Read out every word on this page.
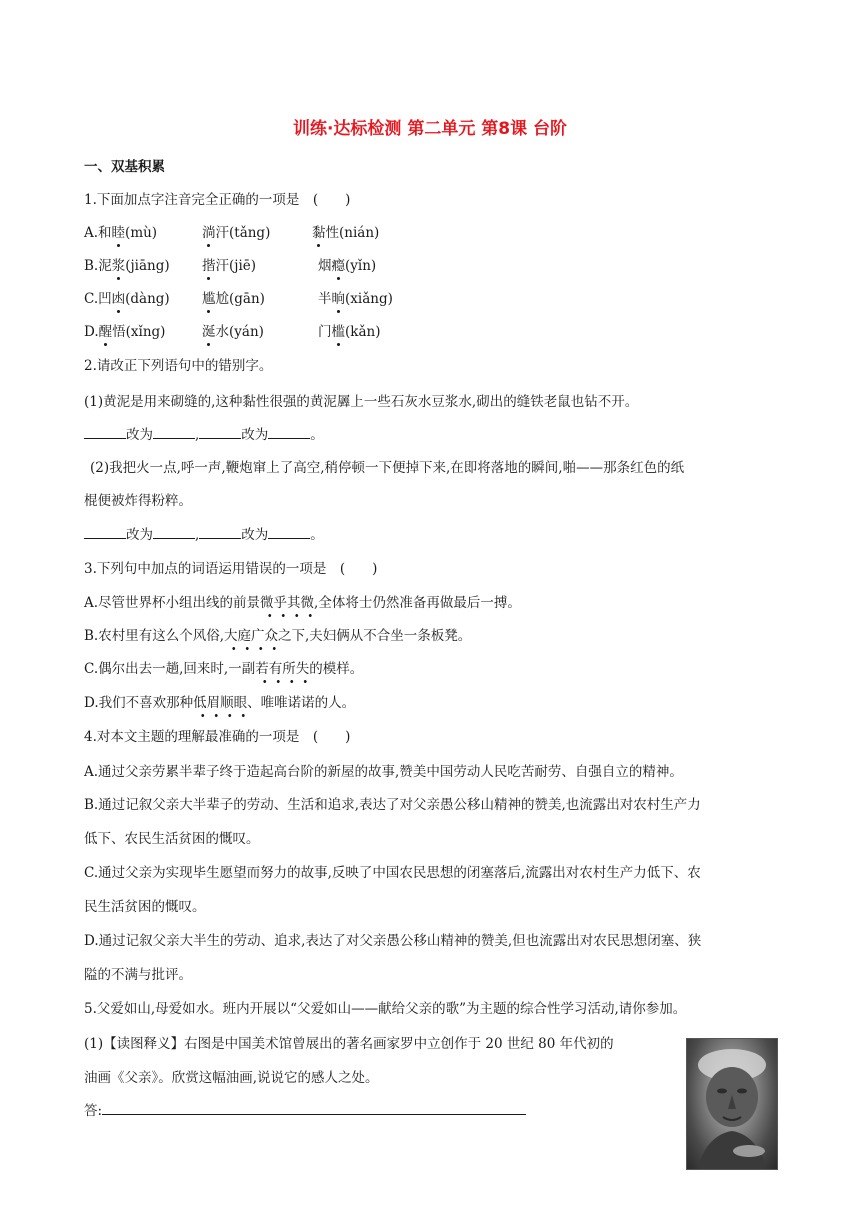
训练·达标检测 第二单元 第8课 台阶
一、双基积累
1.下面加点字注音完全正确的一项是　(　　)
A.和睦(mù)	淌汗(tǎng)	黏性(nián)
B.泥浆(jiāng) 揩汗(jiē)	烟瘾(yǐn)
C.凹凼(dàng) 尴尬(gān)	半晌(xiǎng)
D.醒悟(xǐng)	涎水(yán)	门槛(kǎn)
2.请改正下列语句中的错别字。
(1)黄泥是用来砌缝的,这种黏性很强的黄泥羼上一些石灰水豆浆水,砌出的缝铁老鼠也钻不开。
改为	,	改为	。
(2)我把火一点,呼一声,鞭炮窜上了高空,稍停顿一下便掉下来,在即将落地的瞬间,啪——那条红色的纸
棍便被炸得粉粹。
改为	,	改为	。
3.下列句中加点的词语运用错误的一项是　(　　)
A.尽管世界杯小组出线的前景微乎其微,全体将士仍然准备再做最后一搏。
B.农村里有这么个风俗,大庭广众之下,夫妇俩从不合坐一条板凳。
C.偶尔出去一趟,回来时,一副若有所失的模样。
D.我们不喜欢那种低眉顺眼、唯唯诺诺的人。
4.对本文主题的理解最准确的一项是　(　　)
A.通过父亲劳累半辈子终于造起高台阶的新屋的故事,赞美中国劳动人民吃苦耐劳、自强自立的精神。
B.通过记叙父亲大半辈子的劳动、生活和追求,表达了对父亲愚公移山精神的赞美,也流露出对农村生产力
低下、农民生活贫困的慨叹。
C.通过父亲为实现毕生愿望而努力的故事,反映了中国农民思想的闭塞落后,流露出对农村生产力低下、农
民生活贫困的慨叹。
D.通过记叙父亲大半生的劳动、追求,表达了对父亲愚公移山精神的赞美,但也流露出对农民思想闭塞、狭
隘的不满与批评。
5.父爱如山,母爱如水。班内开展以“父爱如山——献给父亲的歌”为主题的综合性学习活动,请你参加。
(1)【读图释义】右图是中国美术馆曾展出的著名画家罗中立创作于 20 世纪 80 年代初的
油画《父亲》。欣赏这幅油画,说说它的感人之处。
答:
